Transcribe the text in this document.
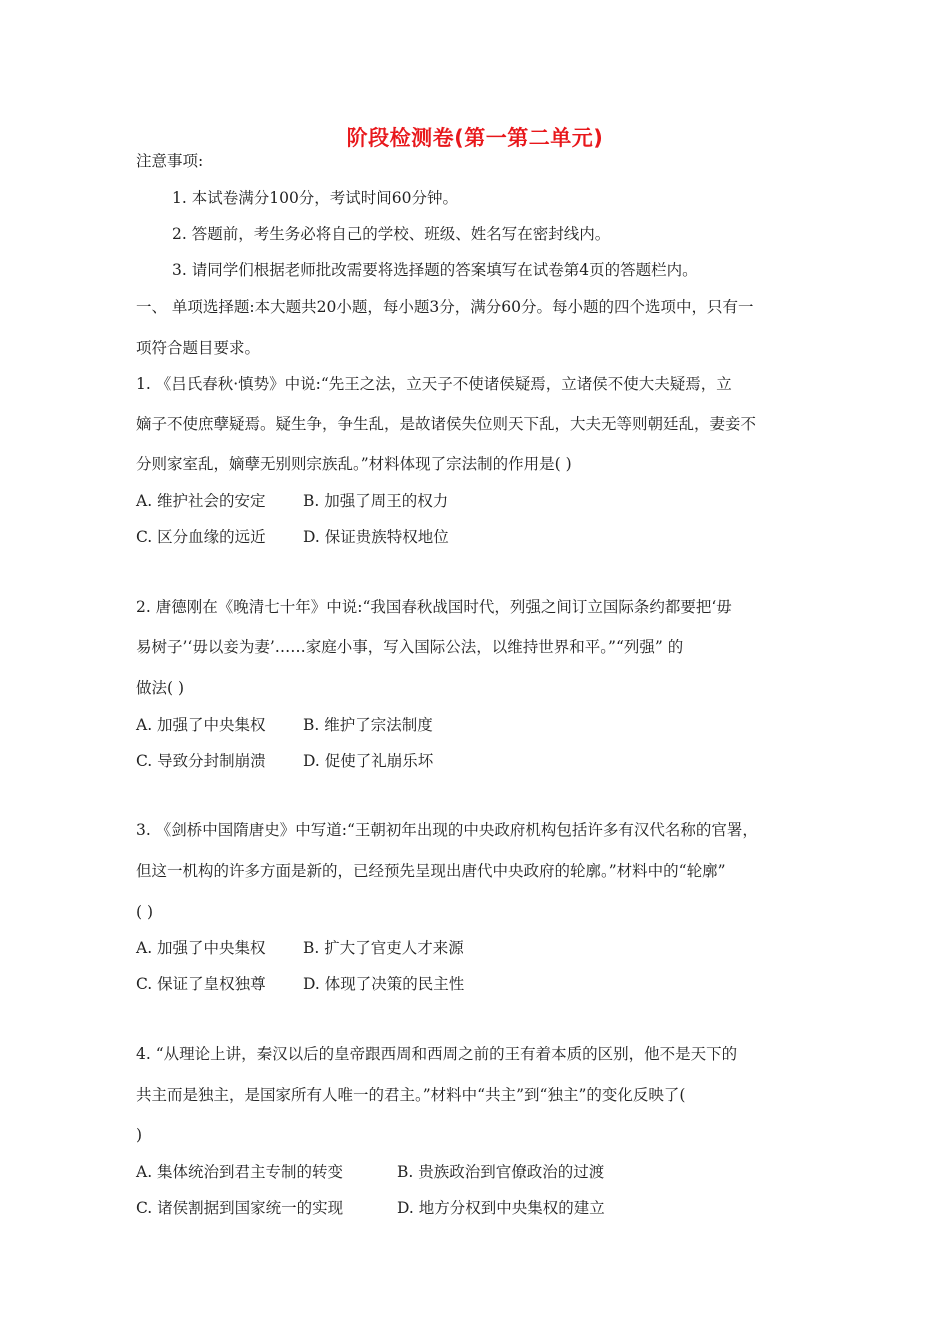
阶段检测卷(第一第二单元)
注意事项:
1. 本试卷满分100分，考试时间60分钟。
2. 答题前，考生务必将自己的学校、班级、姓名写在密封线内。
3. 请同学们根据老师批改需要将选择题的答案填写在试卷第4页的答题栏内。
一、 单项选择题:本大题共20小题，每小题3分，满分60分。每小题的四个选项中，只有一
项符合题目要求。
1. 《吕氏春秋·慎势》中说:“先王之法，立天子不使诸侯疑焉，立诸侯不使大夫疑焉，立
嫡子不使庶孽疑焉。疑生争，争生乱，是故诸侯失位则天下乱，大夫无等则朝廷乱，妻妾不
分则家室乱，嫡孽无别则宗族乱。”材料体现了宗法制的作用是( )
A. 维护社会的安定 B. 加强了周王的权力
C. 区分血缘的远近 D. 保证贵族特权地位
2. 唐德刚在《晚清七十年》中说:“我国春秋战国时代，列强之间订立国际条约都要把‘毋
易树子’‘毋以妾为妻’……家庭小事，写入国际公法，以维持世界和平。”“列强” 的
做法( )
A. 加强了中央集权 B. 维护了宗法制度
C. 导致分封制崩溃 D. 促使了礼崩乐坏
3. 《剑桥中国隋唐史》中写道:“王朝初年出现的中央政府机构包括许多有汉代名称的官署，
但这一机构的许多方面是新的，已经预先呈现出唐代中央政府的轮廓。”材料中的“轮廓”
( )
A. 加强了中央集权 B. 扩大了官吏人才来源
C. 保证了皇权独尊 D. 体现了决策的民主性
4. “从理论上讲，秦汉以后的皇帝跟西周和西周之前的王有着本质的区别，他不是天下的
共主而是独主，是国家所有人唯一的君主。”材料中“共主”到“独主”的变化反映了(
)
A. 集体统治到君主专制的转变	B. 贵族政治到官僚政治的过渡
C. 诸侯割据到国家统一的实现	D. 地方分权到中央集权的建立
